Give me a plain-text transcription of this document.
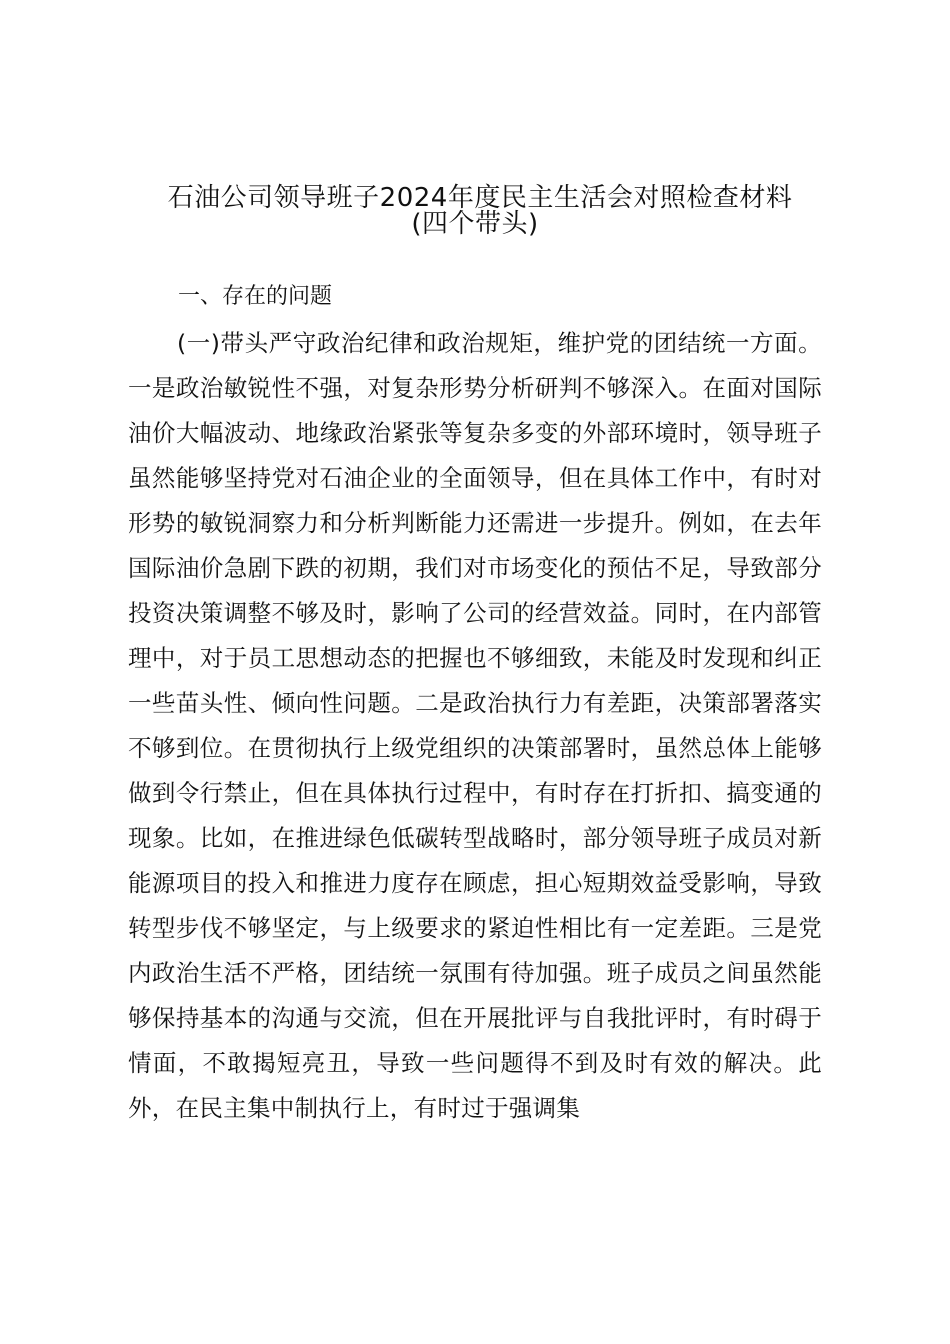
石油公司领导班子2024年度民主生活会对照检查材料
(四个带头)
一、存在的问题

(一)带头严守政治纪律和政治规矩，维护党的团结统一方面。一是政治敏锐性不强，对复杂形势分析研判不够深入。在面对国际油价大幅波动、地缘政治紧张等复杂多变的外部环境时，领导班子虽然能够坚持党对石油企业的全面领导，但在具体工作中，有时对形势的敏锐洞察力和分析判断能力还需进一步提升。例如，在去年国际油价急剧下跌的初期，我们对市场变化的预估不足，导致部分投资决策调整不够及时，影响了公司的经营效益。同时，在内部管理中，对于员工思想动态的把握也不够细致，未能及时发现和纠正一些苗头性、倾向性问题。二是政治执行力有差距，决策部署落实不够到位。在贯彻执行上级党组织的决策部署时，虽然总体上能够做到令行禁止，但在具体执行过程中，有时存在打折扣、搞变通的现象。比如，在推进绿色低碳转型战略时，部分领导班子成员对新能源项目的投入和推进力度存在顾虑，担心短期效益受影响，导致转型步伐不够坚定，与上级要求的紧迫性相比有一定差距。三是党内政治生活不严格，团结统一氛围有待加强。班子成员之间虽然能够保持基本的沟通与交流，但在开展批评与自我批评时，有时碍于情面，不敢揭短亮丑，导致一些问题得不到及时有效的解决。此外，在民主集中制执行上，有时过于强调集
